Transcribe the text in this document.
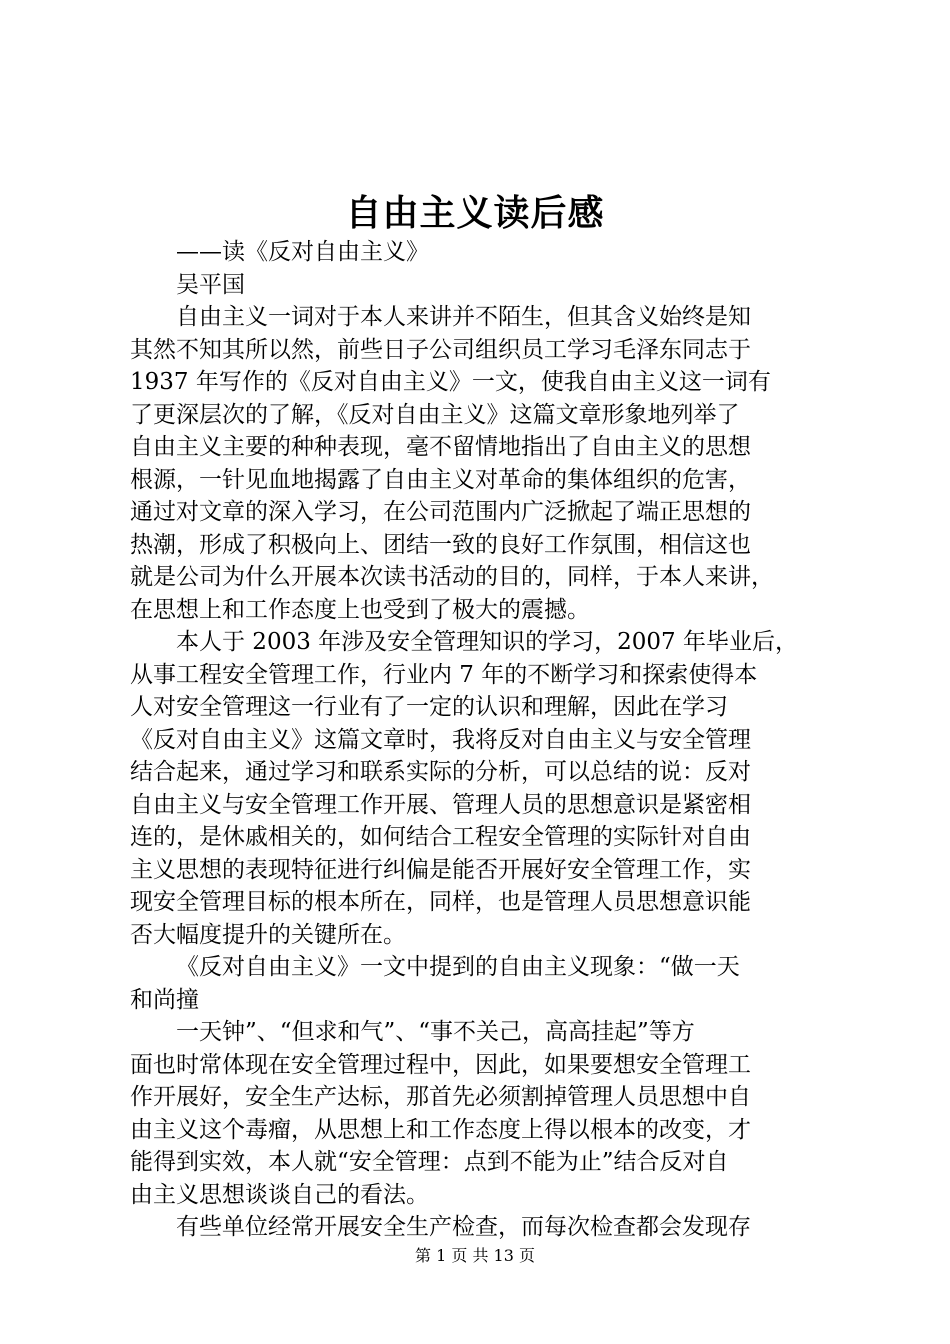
自由主义读后感
——读《反对自由主义》
吴平国
自由主义一词对于本人来讲并不陌生，但其含义始终是知
其然不知其所以然，前些日子公司组织员工学习毛泽东同志于
1937 年写作的《反对自由主义》一文，使我自由主义这一词有
了更深层次的了解，《反对自由主义》这篇文章形象地列举了
自由主义主要的种种表现，毫不留情地指出了自由主义的思想
根源，一针见血地揭露了自由主义对革命的集体组织的危害，
通过对文章的深入学习，在公司范围内广泛掀起了端正思想的
热潮，形成了积极向上、团结一致的良好工作氛围，相信这也
就是公司为什么开展本次读书活动的目的，同样，于本人来讲，
在思想上和工作态度上也受到了极大的震撼。
本人于 2003 年涉及安全管理知识的学习，2007 年毕业后，
从事工程安全管理工作，行业内 7 年的不断学习和探索使得本
人对安全管理这一行业有了一定的认识和理解，因此在学习
《反对自由主义》这篇文章时，我将反对自由主义与安全管理
结合起来，通过学习和联系实际的分析，可以总结的说：反对
自由主义与安全管理工作开展、管理人员的思想意识是紧密相
连的，是休戚相关的，如何结合工程安全管理的实际针对自由
主义思想的表现特征进行纠偏是能否开展好安全管理工作，实
现安全管理目标的根本所在，同样，也是管理人员思想意识能
否大幅度提升的关键所在。
《反对自由主义》一文中提到的自由主义现象：“做一天
和尚撞
一天钟”、“但求和气”、“事不关己，高高挂起”等方
面也时常体现在安全管理过程中，因此，如果要想安全管理工
作开展好，安全生产达标，那首先必须割掉管理人员思想中自
由主义这个毒瘤，从思想上和工作态度上得以根本的改变，才
能得到实效，本人就“安全管理：点到不能为止”结合反对自
由主义思想谈谈自己的看法。
有些单位经常开展安全生产检查，而每次检查都会发现存
第 1 页 共 13 页
